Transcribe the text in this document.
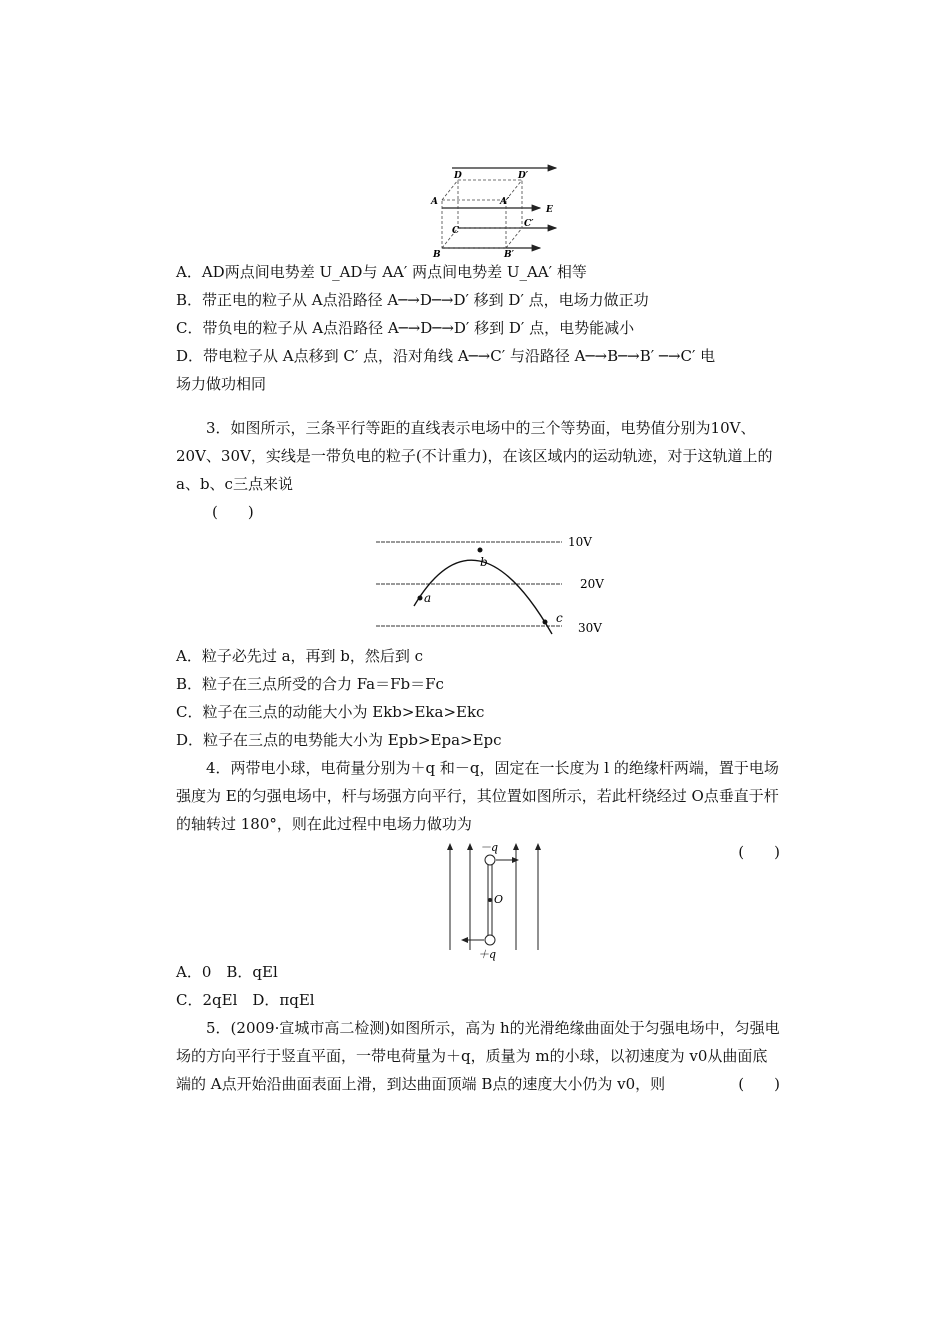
D	D′
A	A′
E
C
C′
B	B′
A．AD两点间电势差 U_AD与 AA′ 两点间电势差 U_AA′ 相等
B．带正电的粒子从 A点沿路径 A─→D─→D′ 移到 D′ 点，电场力做正功
C．带负电的粒子从 A点沿路径 A─→D─→D′ 移到 D′ 点，电势能减小
D．带电粒子从 A点移到 C′ 点，沿对角线 A─→C′ 与沿路径 A─→B─→B′ ─→C′ 电
场力做功相同
3．如图所示，三条平行等距的直线表示电场中的三个等势面，电势值分别为10V、20V、30V，实线是一带负电的粒子(不计重力)，在该区域内的运动轨迹，对于这轨道上的 a、b、c三点来说
(　　)
10V
20V
30V
a
b
c
A．粒子必先过 a，再到 b，然后到 c
B．粒子在三点所受的合力 Fa＝Fb＝Fc
C．粒子在三点的动能大小为 Ekb>Eka>Ekc
D．粒子在三点的电势能大小为 Epb>Epa>Epc
4．两带电小球，电荷量分别为＋q 和－q，固定在一长度为 l 的绝缘杆两端，置于电场强度为 E的匀强电场中，杆与场强方向平行，其位置如图所示，若此杆绕经过 O点垂直于杆的轴转过 180°，则在此过程中电场力做功为
(　　)
－q
O
＋q
A．0　B．qEl
C．2qEl　D．πqEl
5．(2009·宣城市高二检测)如图所示，高为 h的光滑绝缘曲面处于匀强电场中，匀强电场的方向平行于竖直平面，一带电荷量为＋q，质量为 m的小球，以初速度为 v0从曲面底端的 A点开始沿曲面表面上滑，到达曲面顶端 B点的速度大小仍为 v0，则	(　　)
